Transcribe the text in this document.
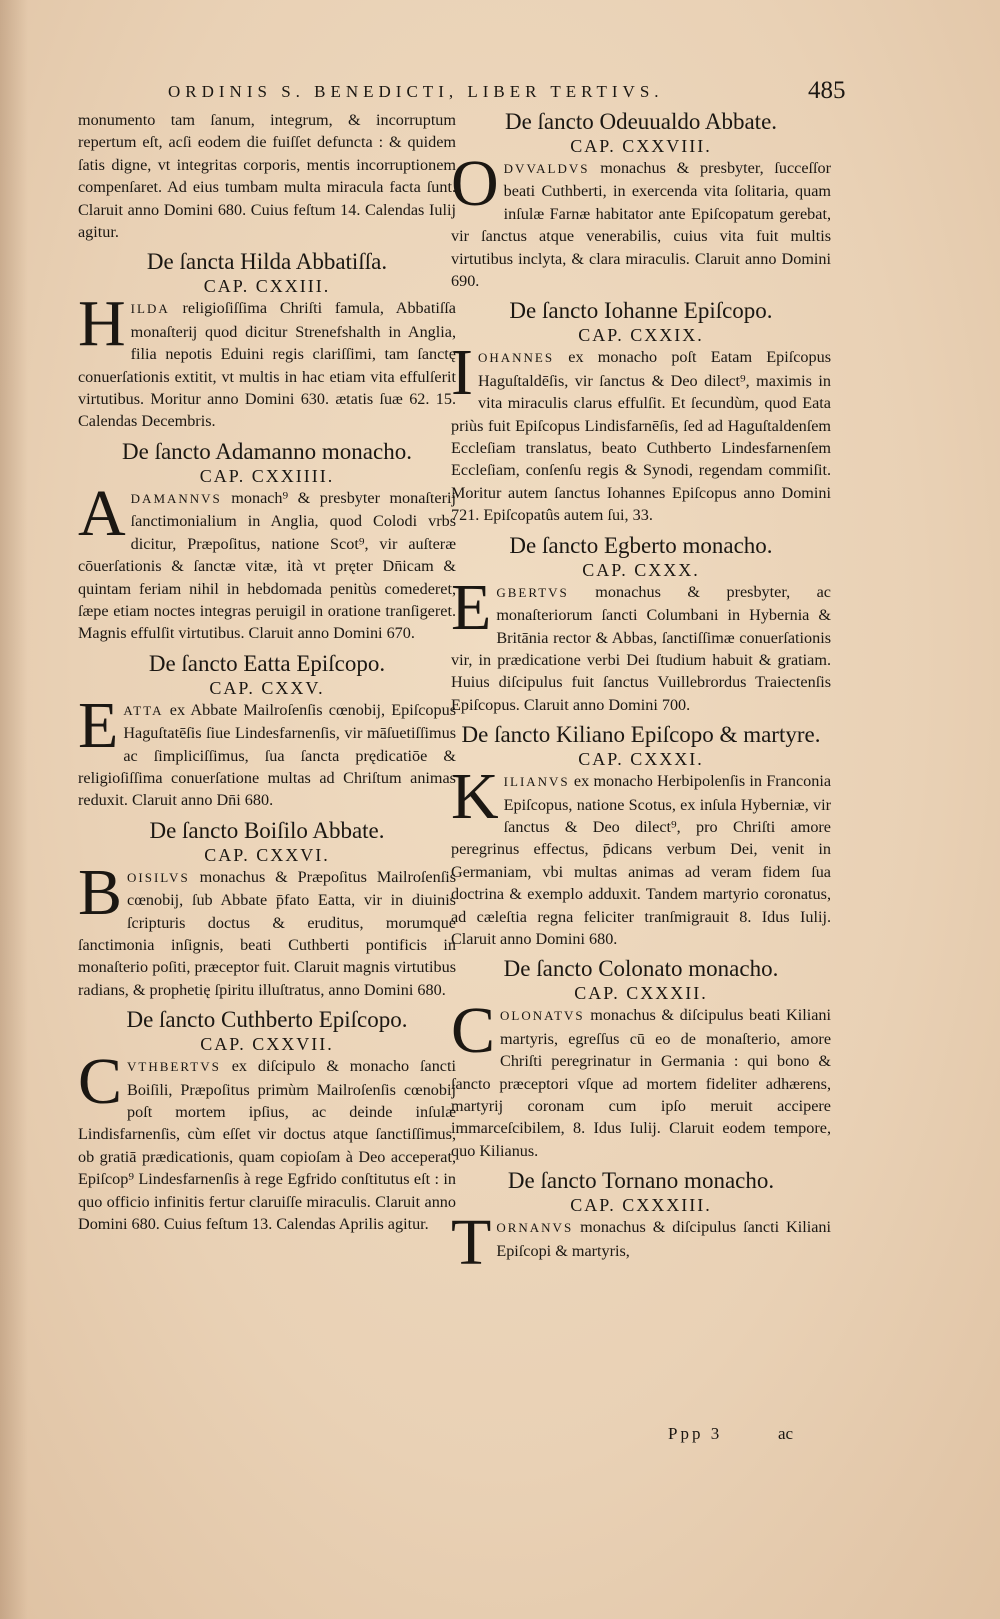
ORDINIS S. BENEDICTI, LIBER TERTIVS.	485

monumento tam ſanum, integrum, & incorruptum repertum eſt, acſi eodem die fuiſſet defuncta : & quidem ſatis digne, vt integritas corporis, mentis incorruptionem compenſaret. Ad eius tumbam multa miracula facta ſunt. Claruit anno Domini 680. Cuius feſtum 14. Calendas Iulij agitur.

De ſancta Hilda Abbatiſſa.
CAP. CXXIII.

HILDA religioſiſſima Chriſti famula, Abbatiſſa monaſterij quod dicitur Strenefshalth in Anglia, filia nepotis Eduini regis clariſſimi, tam ſanctę conuerſationis extitit, vt multis in hac etiam vita effulſerit virtutibus. Moritur anno Domini 630. ætatis ſuæ 62. 15. Calendas Decembris.

De ſancto Adamanno monacho.
CAP. CXXIIII.

ADAMANNVS monach⁹ & presbyter monaſterij ſanctimonialium in Anglia, quod Colodi vrbs dicitur, Præpoſitus, natione Scot⁹, vir auſteræ cōuerſationis & ſanctæ vitæ, ità vt pręter Dn̄icam & quintam feriam nihil in hebdomada penitùs comederet, ſæpe etiam noctes integras peruigil in oratione tranſigeret. Magnis effulſit virtutibus. Claruit anno Domini 670.

De ſancto Eatta Epiſcopo.
CAP. CXXV.

EATTA ex Abbate Mailroſenſis cœnobij, Epiſcopus Haguſtatēſis ſiue Lindesfarnenſis, vir māſuetiſſimus ac ſimpliciſſimus, ſua ſancta prędicatiōe & religioſiſſima conuerſatione multas ad Chriſtum animas reduxit. Claruit anno Dn̄i 680.

De ſancto Boiſilo Abbate.
CAP. CXXVI.

BOISILVS monachus & Præpoſitus Mailroſenſis cœnobij, ſub Abbate p̄fato Eatta, vir in diuinis ſcripturis doctus & eruditus, morumque ſanctimonia inſignis, beati Cuthberti pontificis in monaſterio poſiti, præceptor fuit. Claruit magnis virtutibus radians, & prophetię ſpiritu illuſtratus, anno Domini 680.

De ſancto Cuthberto Epiſcopo.
CAP. CXXVII.

CVTHBERTVS ex diſcipulo & monacho ſancti Boiſili, Præpoſitus primùm Mailroſenſis cœnobij poſt mortem ipſius, ac deinde inſulæ Lindisfarnenſis, cùm eſſet vir doctus atque ſanctiſſimus, ob gratiā prædicationis, quam copioſam à Deo acceperat, Epiſcop⁹ Lindesfarnenſis à rege Egfrido conſtitutus eſt : in quo officio infinitis fertur claruiſſe miraculis. Claruit anno Domini 680. Cuius feſtum 13. Calendas Aprilis agitur.

De ſancto Odeuualdo Abbate.
CAP. CXXVIII.

ODVVALDVS monachus & presbyter, ſucceſſor beati Cuthberti, in exercenda vita ſolitaria, quam inſulæ Farnæ habitator ante Epiſcopatum gerebat, vir ſanctus atque venerabilis, cuius vita fuit multis virtutibus inclyta, & clara miraculis. Claruit anno Domini 690.

De ſancto Iohanne Epiſcopo.
CAP. CXXIX.

IOHANNES ex monacho poſt Eatam Epiſcopus Haguſtaldēſis, vir ſanctus & Deo dilect⁹, maximis in vita miraculis clarus effulſit. Et ſecundùm, quod Eata priùs fuit Epiſcopus Lindisfarnēſis, ſed ad Haguſtaldenſem Eccleſiam translatus, beato Cuthberto Lindesfarnenſem Eccleſiam, conſenſu regis & Synodi, regendam commiſit. Moritur autem ſanctus Iohannes Epiſcopus anno Domini 721. Epiſcopatûs autem ſui, 33.

De ſancto Egberto monacho.
CAP. CXXX.

EGBERTVS monachus & presbyter, ac monaſteriorum ſancti Columbani in Hybernia & Britānia rector & Abbas, ſanctiſſimæ conuerſationis vir, in prædicatione verbi Dei ſtudium habuit & gratiam. Huius diſcipulus fuit ſanctus Vuillebrordus Traiectenſis Epiſcopus. Claruit anno Domini 700.

De ſancto Kiliano Epiſcopo & martyre.
CAP. CXXXI.

KILIANVS ex monacho Herbipolenſis in Franconia Epiſcopus, natione Scotus, ex inſula Hyberniæ, vir ſanctus & Deo dilect⁹, pro Chriſti amore peregrinus effectus, p̄dicans verbum Dei, venit in Germaniam, vbi multas animas ad veram fidem ſua doctrina & exemplo adduxit. Tandem martyrio coronatus, ad cæleſtia regna feliciter tranſmigrauit 8. Idus Iulij. Claruit anno Domini 680.

De ſancto Colonato monacho.
CAP. CXXXII.

COLONATVS monachus & diſcipulus beati Kiliani martyris, egreſſus cū eo de monaſterio, amore Chriſti peregrinatur in Germania : qui bono & ſancto præceptori vſque ad mortem fideliter adhærens, martyrij coronam cum ipſo meruit accipere immarceſcibilem, 8. Idus Iulij. Claruit eodem tempore, quo Kilianus.

De ſancto Tornano monacho.
CAP. CXXXIII.

TORNANVS monachus & diſcipulus ſancti Kiliani Epiſcopi & martyris,

Ppp 3	ac
